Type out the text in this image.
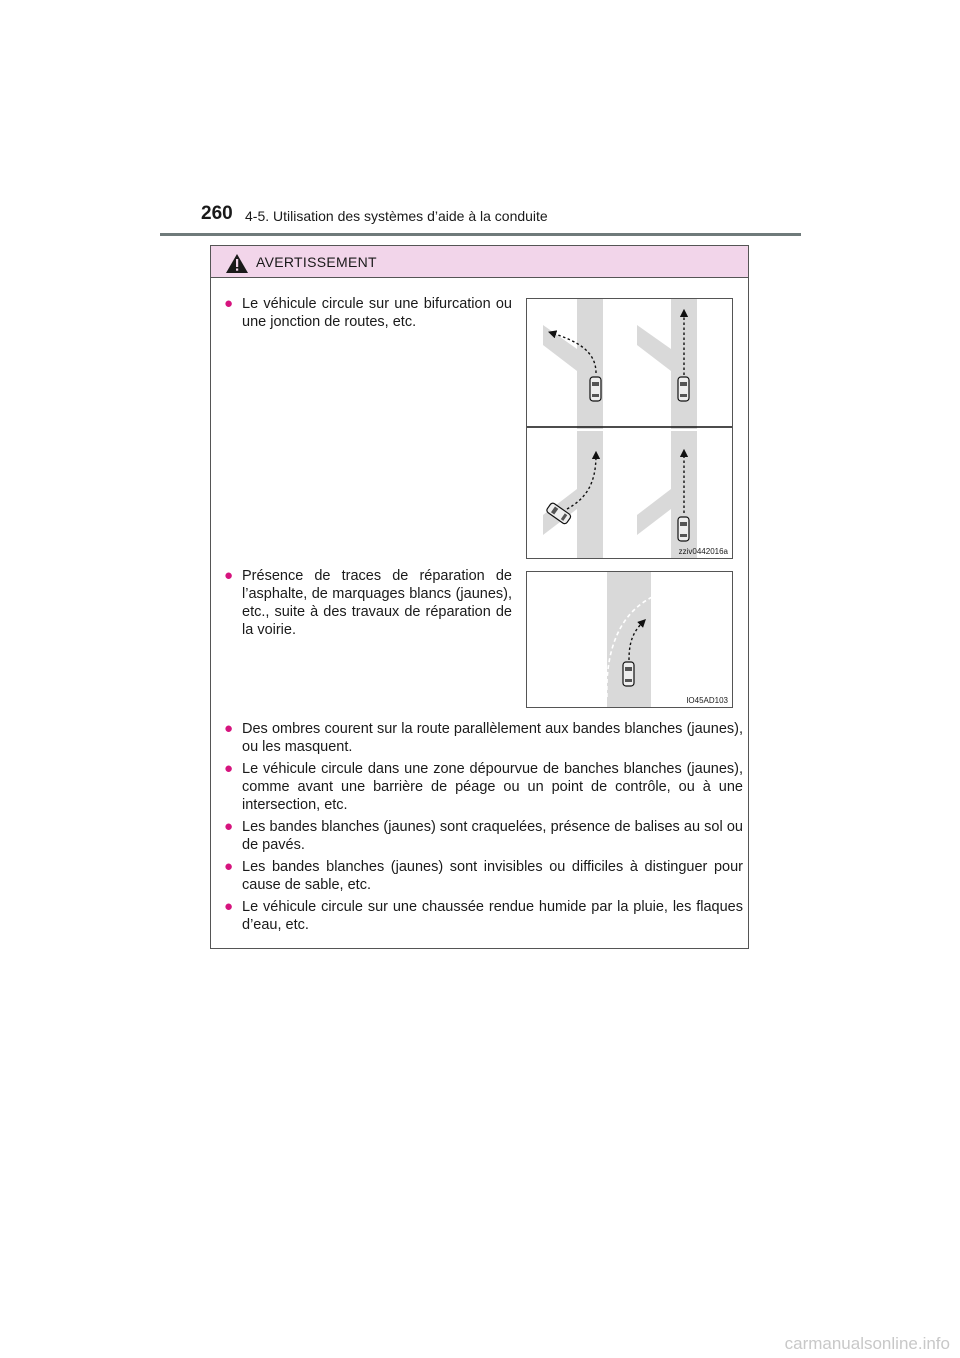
260 4-5. Utilisation des systèmes d’aide à la conduite
AVERTISSEMENT
● Le véhicule circule sur une bifurcation ou une jonction de routes, etc.

zziv0442016a
● Présence de traces de réparation de l’asphalte, de marquages blancs (jaunes), etc., suite à des travaux de réparation de la voirie.

IO45AD103
● Des ombres courent sur la route parallèlement aux bandes blanches (jaunes), ou les masquent.

● Le véhicule circule dans une zone dépourvue de banches blanches (jaunes), comme avant une barrière de péage ou un point de contrôle, ou à une intersection, etc.

● Les bandes blanches (jaunes) sont craquelées, présence de balises au sol ou de pavés.

● Les bandes blanches (jaunes) sont invisibles ou difficiles à distinguer pour cause de sable, etc.

● Le véhicule circule sur une chaussée rendue humide par la pluie, les flaques d’eau, etc.

carmanualsonline.info
